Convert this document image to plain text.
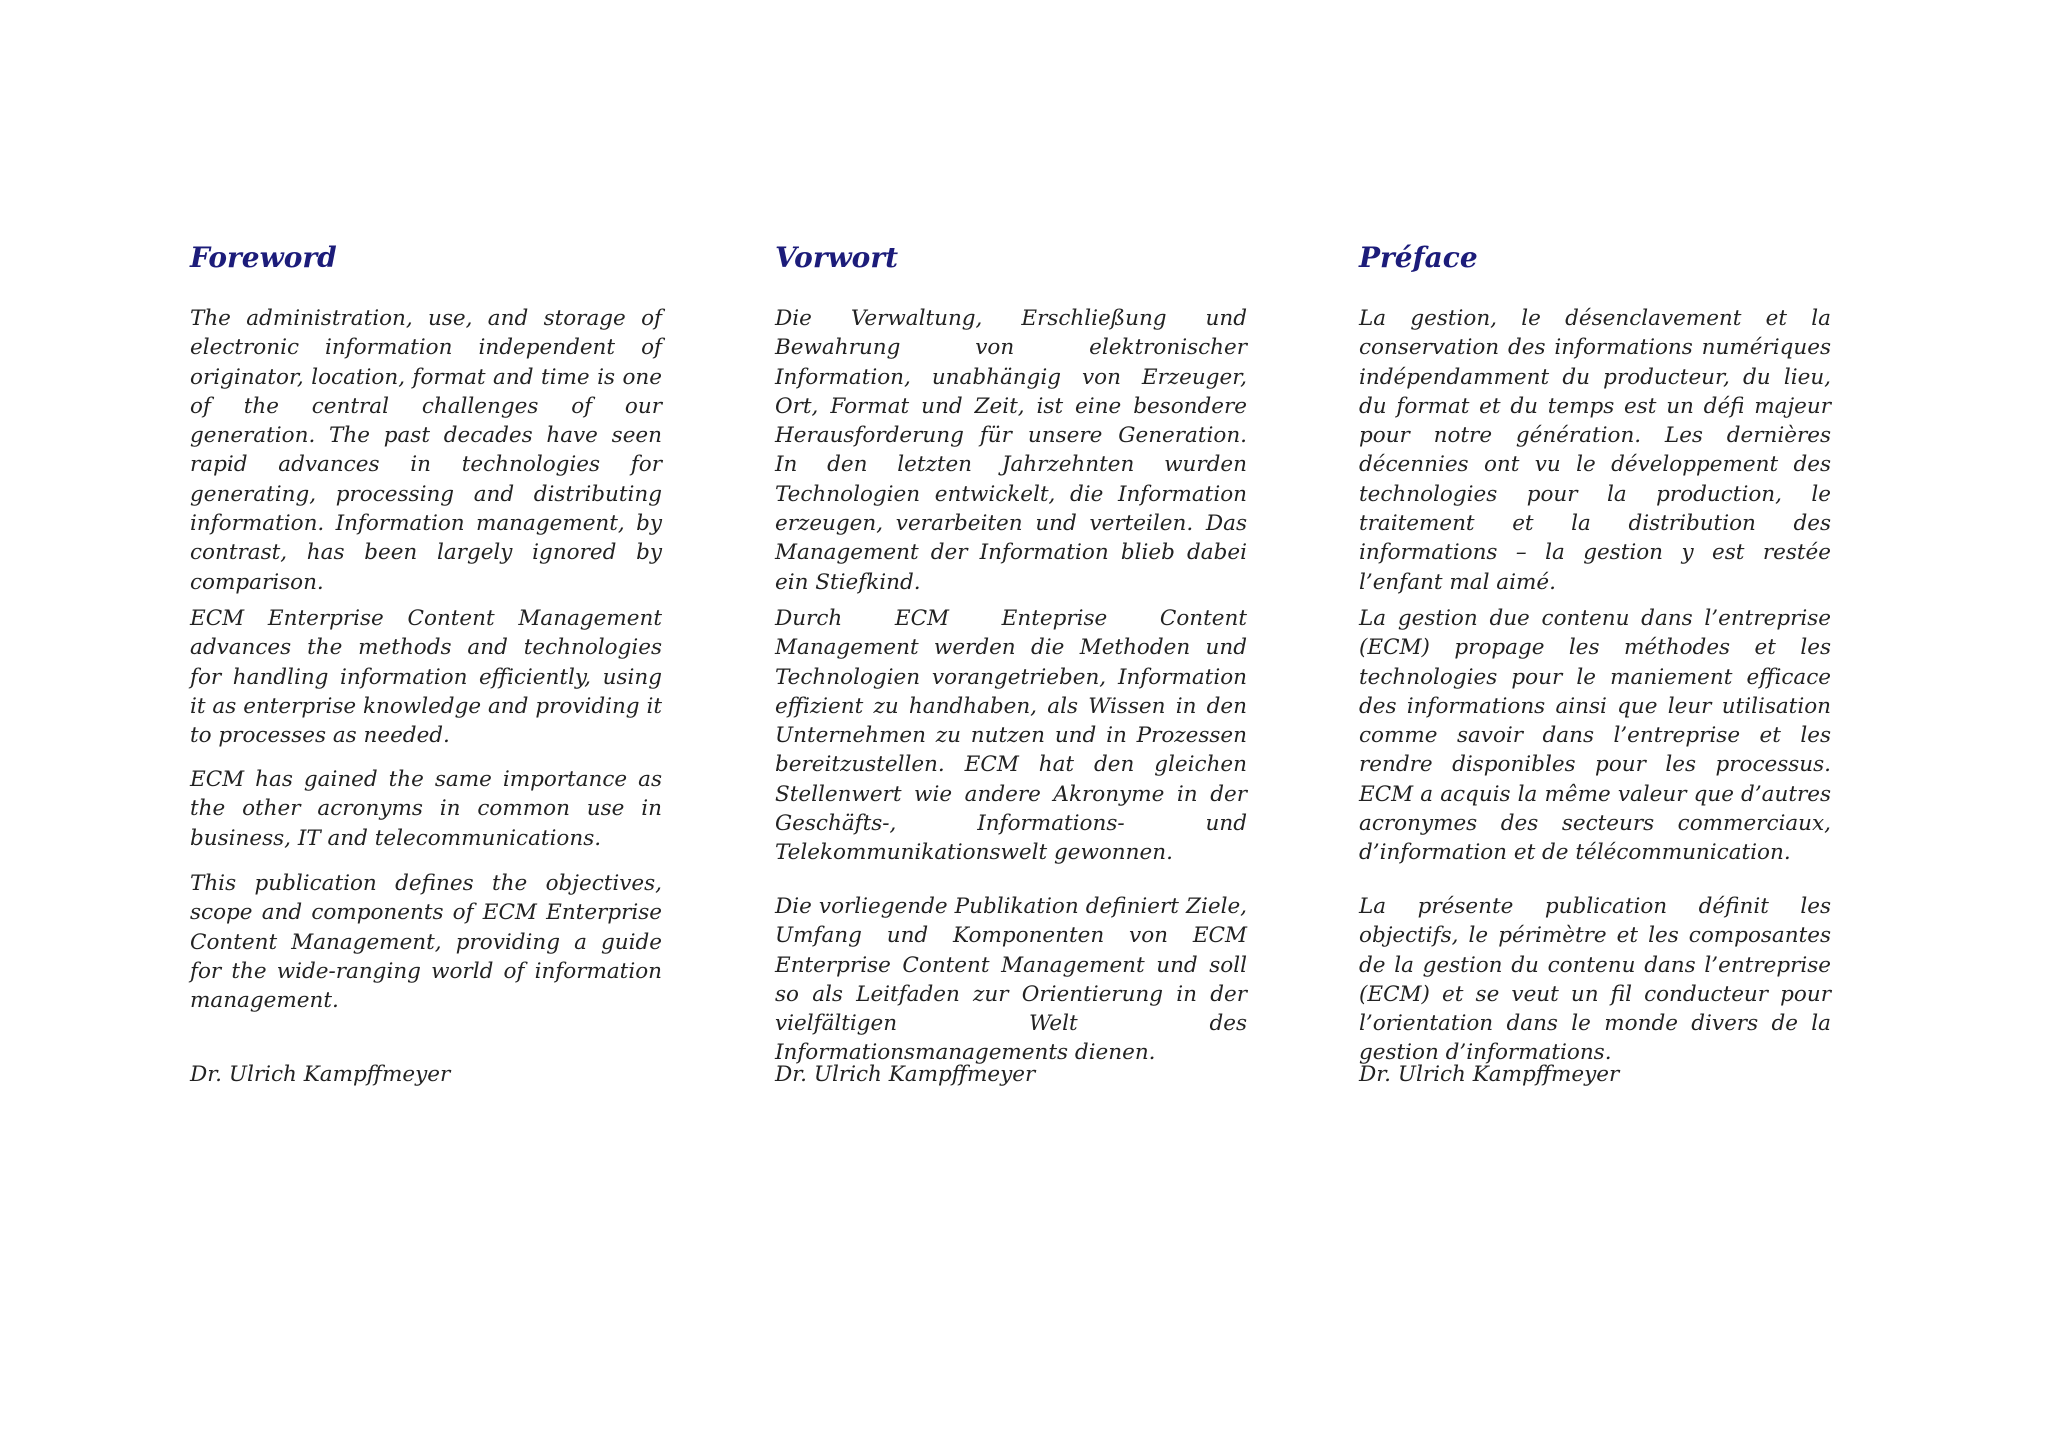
Foreword

The administration, use, and storage of electronic information independent of originator, location, format and time is one of the central challenges of our generation. The past decades have seen rapid advances in technologies for generating, processing and distributing information. Information management, by contrast, has been largely ignored by comparison.

ECM Enterprise Content Management advances the methods and technologies for handling information efficiently, using it as enterprise knowledge and providing it to processes as needed.

ECM has gained the same importance as the other acronyms in common use in business, IT and telecommunications.

This publication defines the objectives, scope and components of ECM Enterprise Content Management, providing a guide for the wide-ranging world of information management.

Dr. Ulrich Kampffmeyer

Vorwort

Die Verwaltung, Erschließung und Bewahrung von elektronischer Information, unabhängig von Erzeuger, Ort, Format und Zeit, ist eine besondere Herausforderung für unsere Generation. In den letzten Jahrzehnten wurden Technologien entwickelt, die Information erzeugen, verarbeiten und verteilen. Das Management der Information blieb dabei ein Stiefkind.

Durch ECM Enteprise Content Management werden die Methoden und Technologien vorangetrieben, Information effizient zu handhaben, als Wissen in den Unternehmen zu nutzen und in Prozessen bereitzustellen. ECM hat den gleichen Stellenwert wie andere Akronyme in der Geschäfts-, Informations- und Telekommunikationswelt gewonnen.

Die vorliegende Publikation definiert Ziele, Umfang und Komponenten von ECM Enterprise Content Management und soll so als Leitfaden zur Orientierung in der vielfältigen Welt des Informationsmanagements dienen.

Dr. Ulrich Kampffmeyer

Préface

La gestion, le désenclavement et la conservation des informations numériques indépendamment du producteur, du lieu, du format et du temps est un défi majeur pour notre génération. Les dernières décennies ont vu le développement des technologies pour la production, le traitement et la distribution des informations – la gestion y est restée l’enfant mal aimé.

La gestion due contenu dans l’entreprise (ECM) propage les méthodes et les technologies pour le maniement efficace des informations ainsi que leur utilisation comme savoir dans l’entreprise et les rendre disponibles pour les processus. ECM a acquis la même valeur que d’autres acronymes des secteurs commerciaux, d’information et de télécommunication.

La présente publication définit les objectifs, le périmètre et les composantes de la gestion du contenu dans l’entreprise (ECM) et se veut un fil conducteur pour l’orientation dans le monde divers de la gestion d’informations.

Dr. Ulrich Kampffmeyer
